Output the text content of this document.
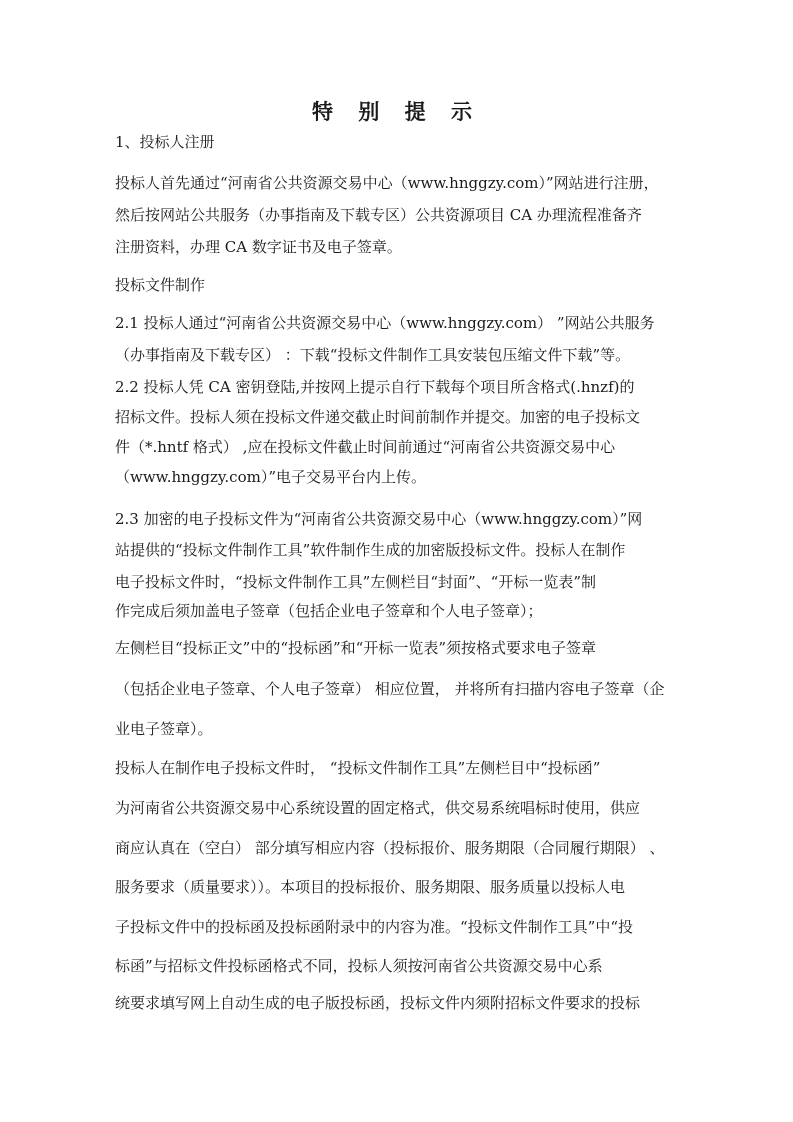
特 别 提 示

1、投标人注册

投标人首先通过“河南省公共资源交易中心（www.hnggzy.com）”网站进行注册，

然后按网站公共服务（办事指南及下载专区）公共资源项目 CA 办理流程准备齐

注册资料，办理 CA 数字证书及电子签章。

投标文件制作

2.1 投标人通过“河南省公共资源交易中心（www.hnggzy.com） ”网站公共服务

（办事指南及下载专区） ：下载“投标文件制作工具安装包压缩文件下载”等。

2.2 投标人凭 CA 密钥登陆,并按网上提示自行下载每个项目所含格式(.hnzf)的

招标文件。投标人须在投标文件递交截止时间前制作并提交。加密的电子投标文

件（*.hntf 格式） ,应在投标文件截止时间前通过“河南省公共资源交易中心

（www.hnggzy.com）”电子交易平台内上传。

2.3 加密的电子投标文件为“河南省公共资源交易中心（www.hnggzy.com）”网

站提供的“投标文件制作工具”软件制作生成的加密版投标文件。投标人在制作

电子投标文件时，“投标文件制作工具”左侧栏目“封面”、“开标一览表”制

作完成后须加盖电子签章（包括企业电子签章和个人电子签章）；

左侧栏目“投标正文”中的“投标函”和“开标一览表”须按格式要求电子签章

（包括企业电子签章、个人电子签章） 相应位置， 并将所有扫描内容电子签章（企

业电子签章）。

投标人在制作电子投标文件时， “投标文件制作工具”左侧栏目中“投标函”

为河南省公共资源交易中心系统设置的固定格式，供交易系统唱标时使用，供应

商应认真在（空白） 部分填写相应内容（投标报价、服务期限（合同履行期限） 、

服务要求（质量要求））。本项目的投标报价、服务期限、服务质量以投标人电

子投标文件中的投标函及投标函附录中的内容为准。“投标文件制作工具”中“投

标函”与招标文件投标函格式不同，投标人须按河南省公共资源交易中心系

统要求填写网上自动生成的电子版投标函，投标文件内须附招标文件要求的投标
